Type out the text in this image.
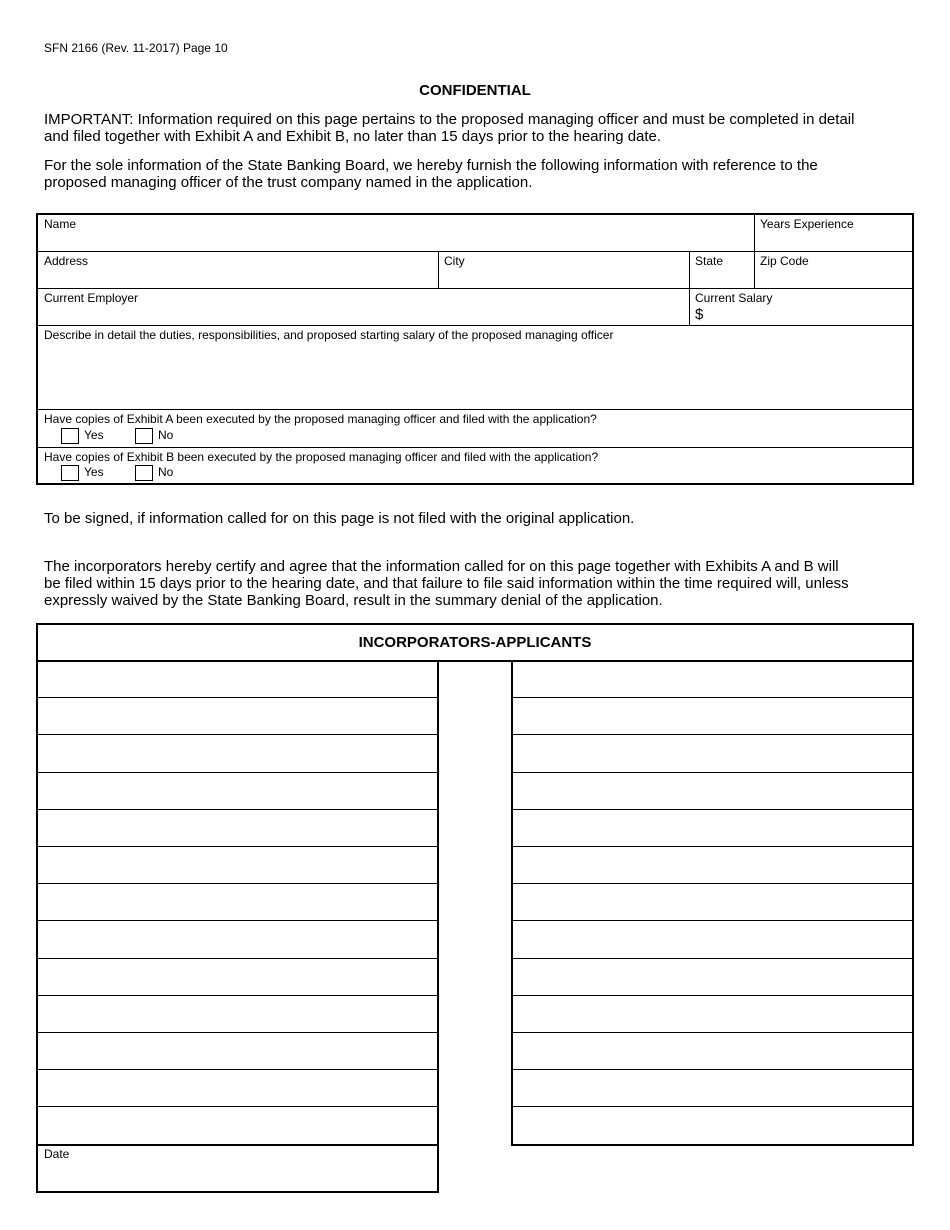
SFN 2166 (Rev. 11-2017) Page 10
CONFIDENTIAL
IMPORTANT: Information required on this page pertains to the proposed managing officer and must be completed in detail and filed together with Exhibit A and Exhibit B, no later than 15 days prior to the hearing date.
For the sole information of the State Banking Board, we hereby furnish the following information with reference to the proposed managing officer of the trust company named in the application.
Name	Years Experience
Address	City	State	Zip Code
Current Employer	Current Salary
$
Describe in detail the duties, responsibilities, and proposed starting salary of the proposed managing officer
Have copies of Exhibit A been executed by the proposed managing officer and filed with the application?
Yes	No
Have copies of Exhibit B been executed by the proposed managing officer and filed with the application?
Yes	No
To be signed, if information called for on this page is not filed with the original application.
The incorporators hereby certify and agree that the information called for on this page together with Exhibits A and B will be filed within 15 days prior to the hearing date, and that failure to file said information within the time required will, unless expressly waived by the State Banking Board, result in the summary denial of the application.
INCORPORATORS-APPLICANTS
Date
